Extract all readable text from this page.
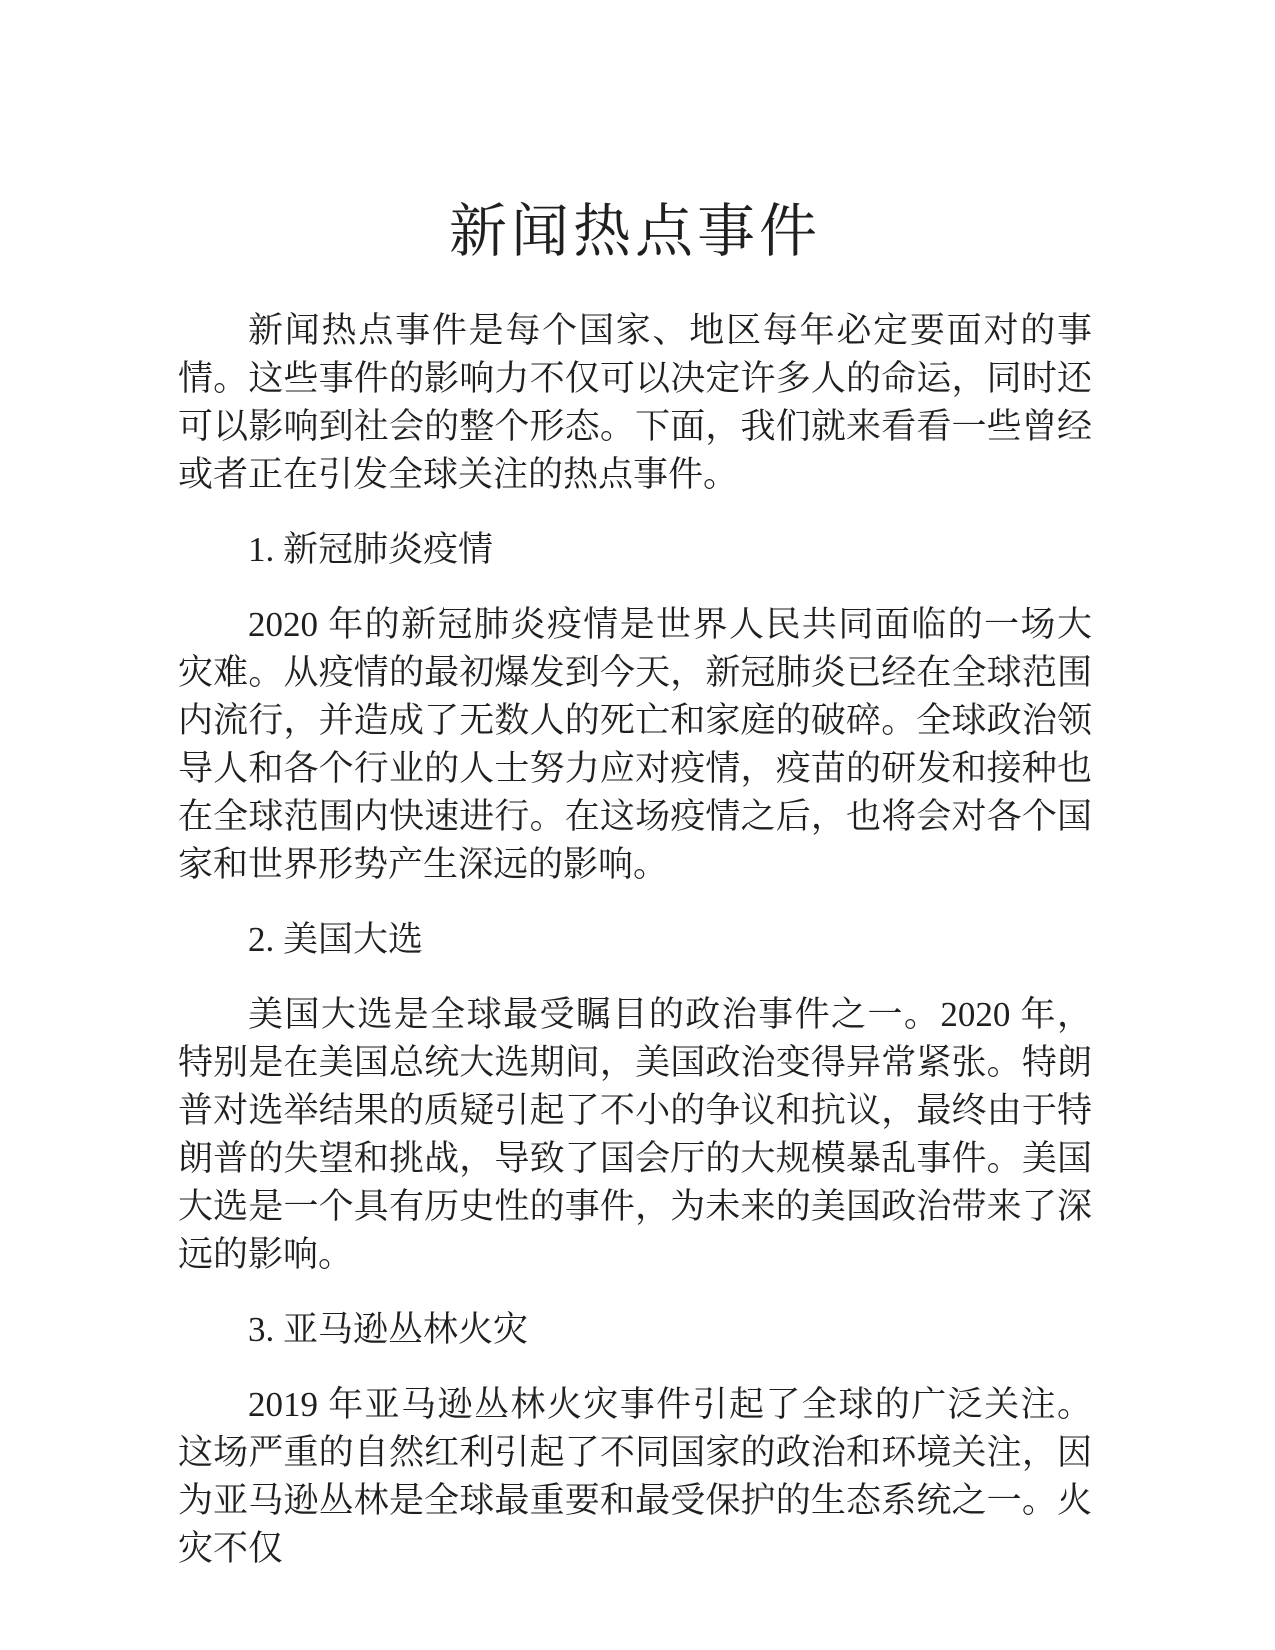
新闻热点事件

新闻热点事件是每个国家、地区每年必定要面对的事情。这些事件的影响力不仅可以决定许多人的命运，同时还可以影响到社会的整个形态。下面，我们就来看看一些曾经或者正在引发全球关注的热点事件。

1. 新冠肺炎疫情

2020 年的新冠肺炎疫情是世界人民共同面临的一场大灾难。从疫情的最初爆发到今天，新冠肺炎已经在全球范围内流行，并造成了无数人的死亡和家庭的破碎。全球政治领导人和各个行业的人士努力应对疫情，疫苗的研发和接种也在全球范围内快速进行。在这场疫情之后，也将会对各个国家和世界形势产生深远的影响。

2. 美国大选

美国大选是全球最受瞩目的政治事件之一。2020 年，特别是在美国总统大选期间，美国政治变得异常紧张。特朗普对选举结果的质疑引起了不小的争议和抗议，最终由于特朗普的失望和挑战，导致了国会厅的大规模暴乱事件。美国大选是一个具有历史性的事件，为未来的美国政治带来了深远的影响。

3. 亚马逊丛林火灾

2019 年亚马逊丛林火灾事件引起了全球的广泛关注。这场严重的自然红利引起了不同国家的政治和环境关注，因为亚马逊丛林是全球最重要和最受保护的生态系统之一。火灾不仅
